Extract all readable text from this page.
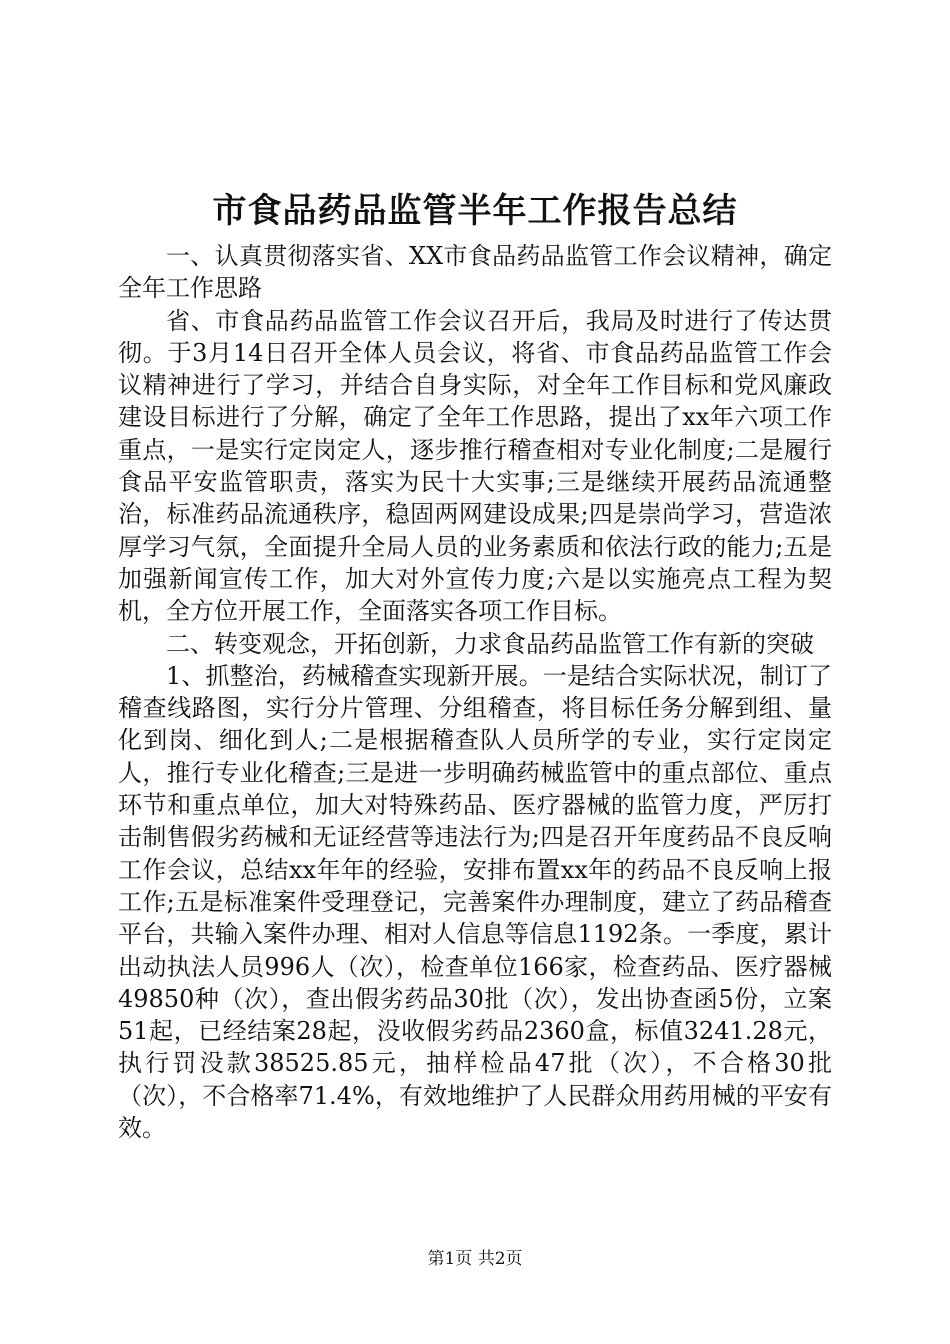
市食品药品监管半年工作报告总结

一、认真贯彻落实省、XX市食品药品监管工作会议精神，确定全年工作思路

省、市食品药品监管工作会议召开后，我局及时进行了传达贯彻。于3月14日召开全体人员会议，将省、市食品药品监管工作会议精神进行了学习，并结合自身实际，对全年工作目标和党风廉政建设目标进行了分解，确定了全年工作思路，提出了xx年六项工作重点，一是实行定岗定人，逐步推行稽查相对专业化制度;二是履行食品平安监管职责，落实为民十大实事;三是继续开展药品流通整治，标准药品流通秩序，稳固两网建设成果;四是崇尚学习，营造浓厚学习气氛，全面提升全局人员的业务素质和依法行政的能力;五是加强新闻宣传工作，加大对外宣传力度;六是以实施亮点工程为契机，全方位开展工作，全面落实各项工作目标。

二、转变观念，开拓创新，力求食品药品监管工作有新的突破

1、抓整治，药械稽查实现新开展。一是结合实际状况，制订了稽查线路图，实行分片管理、分组稽查，将目标任务分解到组、量化到岗、细化到人;二是根据稽查队人员所学的专业，实行定岗定人，推行专业化稽查;三是进一步明确药械监管中的重点部位、重点环节和重点单位，加大对特殊药品、医疗器械的监管力度，严厉打击制售假劣药械和无证经营等违法行为;四是召开年度药品不良反响工作会议，总结xx年年的经验，安排布置xx年的药品不良反响上报工作;五是标准案件受理登记，完善案件办理制度，建立了药品稽查平台，共输入案件办理、相对人信息等信息1192条。一季度，累计出动执法人员996人（次），检查单位166家，检查药品、医疗器械49850种（次），查出假劣药品30批（次），发出协查函5份，立案51起，已经结案28起，没收假劣药品2360盒，标值3241.28元，执行罚没款38525.85元，抽样检品47批（次），不合格30批（次），不合格率71.4%，有效地维护了人民群众用药用械的平安有效。

第1页 共2页
